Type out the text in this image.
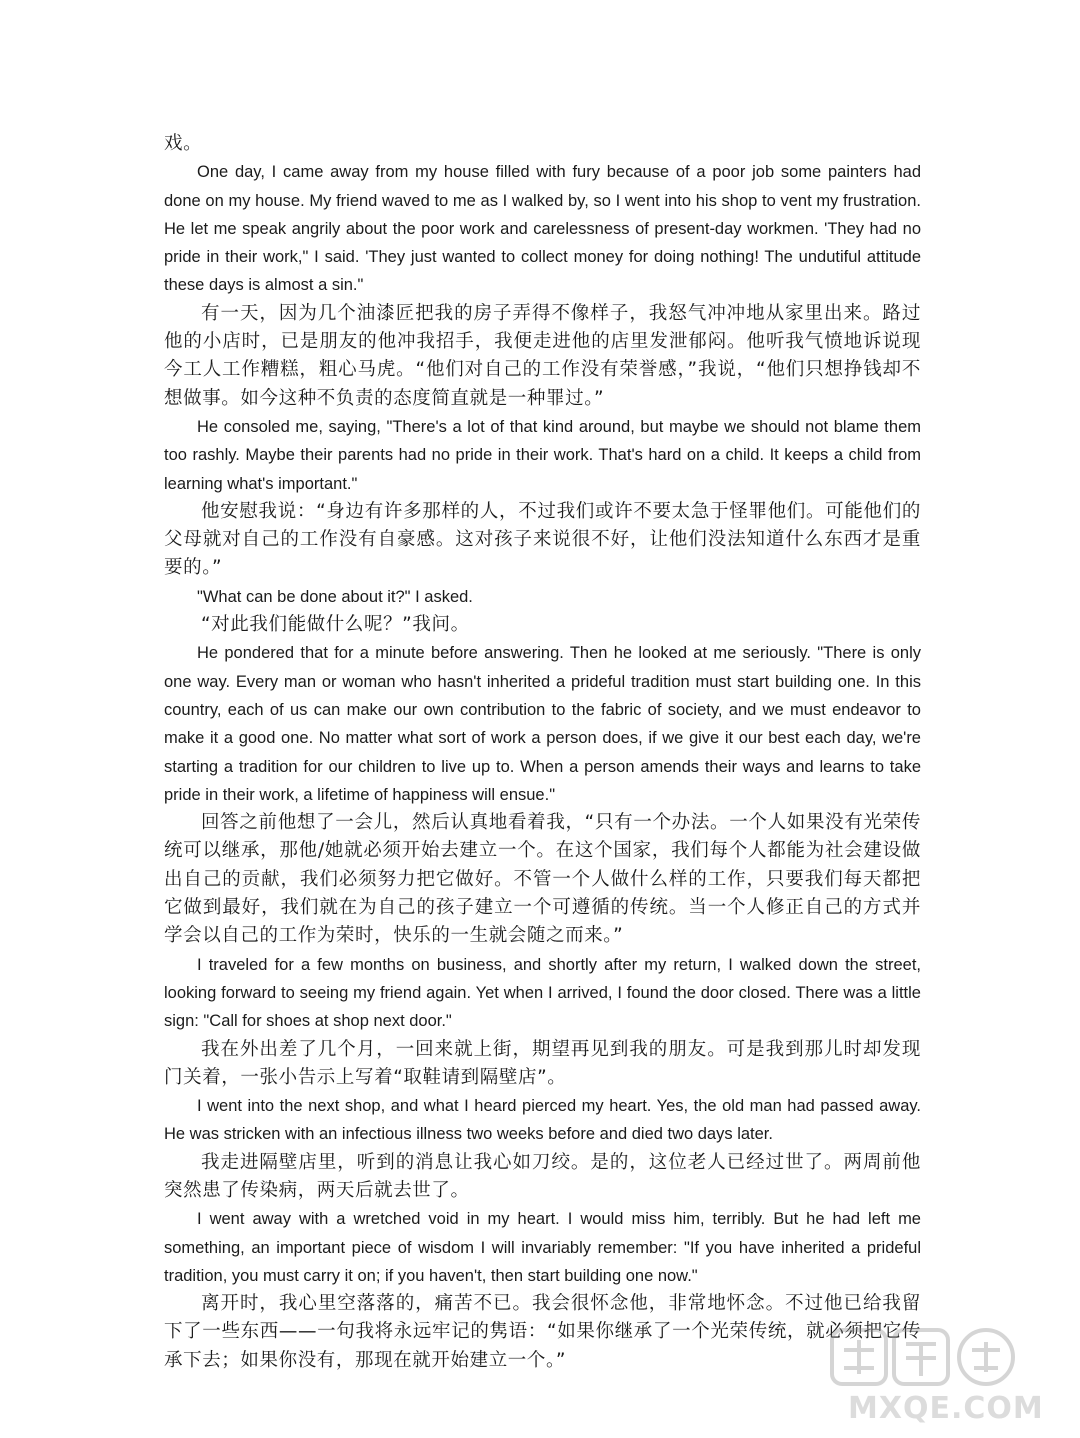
戏。

One day, I came away from my house filled with fury because of a poor job some painters had done on my house. My friend waved to me as I walked by, so I went into his shop to vent my frustration. He let me speak angrily about the poor work and carelessness of present-day workmen. 'They had no pride in their work," I said. 'They just wanted to collect money for doing nothing! The undutiful attitude these days is almost a sin."

有一天，因为几个油漆匠把我的房子弄得不像样子，我怒气冲冲地从家里出来。路过他的小店时，已是朋友的他冲我招手，我便走进他的店里发泄郁闷。他听我气愤地诉说现今工人工作糟糕，粗心马虎。“他们对自己的工作没有荣誉感，”我说，“他们只想挣钱却不想做事。如今这种不负责的态度简直就是一种罪过。”

He consoled me, saying, "There's a lot of that kind around, but maybe we should not blame them too rashly. Maybe their parents had no pride in their work. That's hard on a child. It keeps a child from learning what's important."

他安慰我说：“身边有许多那样的人，不过我们或许不要太急于怪罪他们。可能他们的父母就对自己的工作没有自豪感。这对孩子来说很不好，让他们没法知道什么东西才是重要的。”

"What can be done about it?" I asked.

“对此我们能做什么呢？”我问。

He pondered that for a minute before answering. Then he looked at me seriously. "There is only one way. Every man or woman who hasn't inherited a prideful tradition must start building one. In this country, each of us can make our own contribution to the fabric of society, and we must endeavor to make it a good one. No matter what sort of work a person does, if we give it our best each day, we're starting a tradition for our children to live up to. When a person amends their ways and learns to take pride in their work, a lifetime of happiness will ensue."

回答之前他想了一会儿，然后认真地看着我，“只有一个办法。一个人如果没有光荣传统可以继承，那他/她就必须开始去建立一个。在这个国家，我们每个人都能为社会建设做出自己的贡献，我们必须努力把它做好。不管一个人做什么样的工作，只要我们每天都把它做到最好，我们就在为自己的孩子建立一个可遵循的传统。当一个人修正自己的方式并学会以自己的工作为荣时，快乐的一生就会随之而来。”

I traveled for a few months on business, and shortly after my return, I walked down the street, looking forward to seeing my friend again. Yet when I arrived, I found the door closed. There was a little sign: "Call for shoes at shop next door."

我在外出差了几个月，一回来就上街，期望再见到我的朋友。可是我到那儿时却发现门关着，一张小告示上写着“取鞋请到隔壁店”。

I went into the next shop, and what I heard pierced my heart. Yes, the old man had passed away. He was stricken with an infectious illness two weeks before and died two days later.

我走进隔壁店里，听到的消息让我心如刀绞。是的，这位老人已经过世了。两周前他突然患了传染病，两天后就去世了。

I went away with a wretched void in my heart. I would miss him, terribly. But he had left me something, an important piece of wisdom I will invariably remember: "If you have inherited a prideful tradition, you must carry it on; if you haven't, then start building one now."

离开时，我心里空落落的，痛苦不已。我会很怀念他，非常地怀念。不过他已给我留下了一些东西——一句我将永远牢记的隽语：“如果你继承了一个光荣传统，就必须把它传承下去；如果你没有，那现在就开始建立一个。”

MXQE.COM
